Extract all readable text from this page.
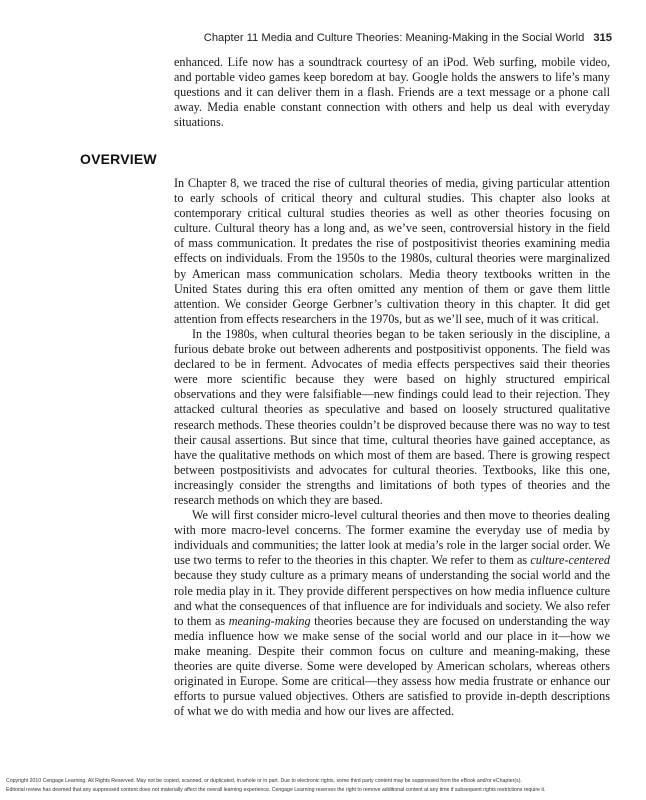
Chapter 11 Media and Culture Theories: Meaning-Making in the Social World 315

enhanced. Life now has a soundtrack courtesy of an iPod. Web surfing, mobile video, and portable video games keep boredom at bay. Google holds the answers to life’s many questions and it can deliver them in a flash. Friends are a text message or a phone call away. Media enable constant connection with others and help us deal with everyday situations.

OVERVIEW

In Chapter 8, we traced the rise of cultural theories of media, giving particular attention to early schools of critical theory and cultural studies. This chapter also looks at contemporary critical cultural studies theories as well as other theories focusing on culture. Cultural theory has a long and, as we’ve seen, controversial history in the field of mass communication. It predates the rise of postpositivist theories examining media effects on individuals. From the 1950s to the 1980s, cultural theories were marginalized by American mass communication scholars. Media theory textbooks written in the United States during this era often omitted any mention of them or gave them little attention. We consider George Gerbner’s cultivation theory in this chapter. It did get attention from effects researchers in the 1970s, but as we’ll see, much of it was critical.

In the 1980s, when cultural theories began to be taken seriously in the discipline, a furious debate broke out between adherents and postpositivist opponents. The field was declared to be in ferment. Advocates of media effects perspectives said their theories were more scientific because they were based on highly structured empirical observations and they were falsifiable—new findings could lead to their rejection. They attacked cultural theories as speculative and based on loosely structured qualitative research methods. These theories couldn’t be disproved because there was no way to test their causal assertions. But since that time, cultural theories have gained acceptance, as have the qualitative methods on which most of them are based. There is growing respect between postpositivists and advocates for cultural theories. Textbooks, like this one, increasingly consider the strengths and limitations of both types of theories and the research methods on which they are based.

We will first consider micro-level cultural theories and then move to theories dealing with more macro-level concerns. The former examine the everyday use of media by individuals and communities; the latter look at media’s role in the larger social order. We use two terms to refer to the theories in this chapter. We refer to them as culture-centered because they study culture as a primary means of understanding the social world and the role media play in it. They provide different perspectives on how media influence culture and what the consequences of that influence are for individuals and society. We also refer to them as meaning-making theories because they are focused on understanding the way media influence how we make sense of the social world and our place in it—how we make meaning. Despite their common focus on culture and meaning-making, these theories are quite diverse. Some were developed by American scholars, whereas others originated in Europe. Some are critical—they assess how media frustrate or enhance our efforts to pursue valued objectives. Others are satisfied to provide in-depth descriptions of what we do with media and how our lives are affected.

Copyright 2010 Cengage Learning. All Rights Reserved. May not be copied, scanned, or duplicated, in whole or in part. Due to electronic rights, some third party content may be suppressed from the eBook and/or eChapter(s).
Editorial review has deemed that any suppressed content does not materially affect the overall learning experience. Cengage Learning reserves the right to remove additional content at any time if subsequent rights restrictions require it.
